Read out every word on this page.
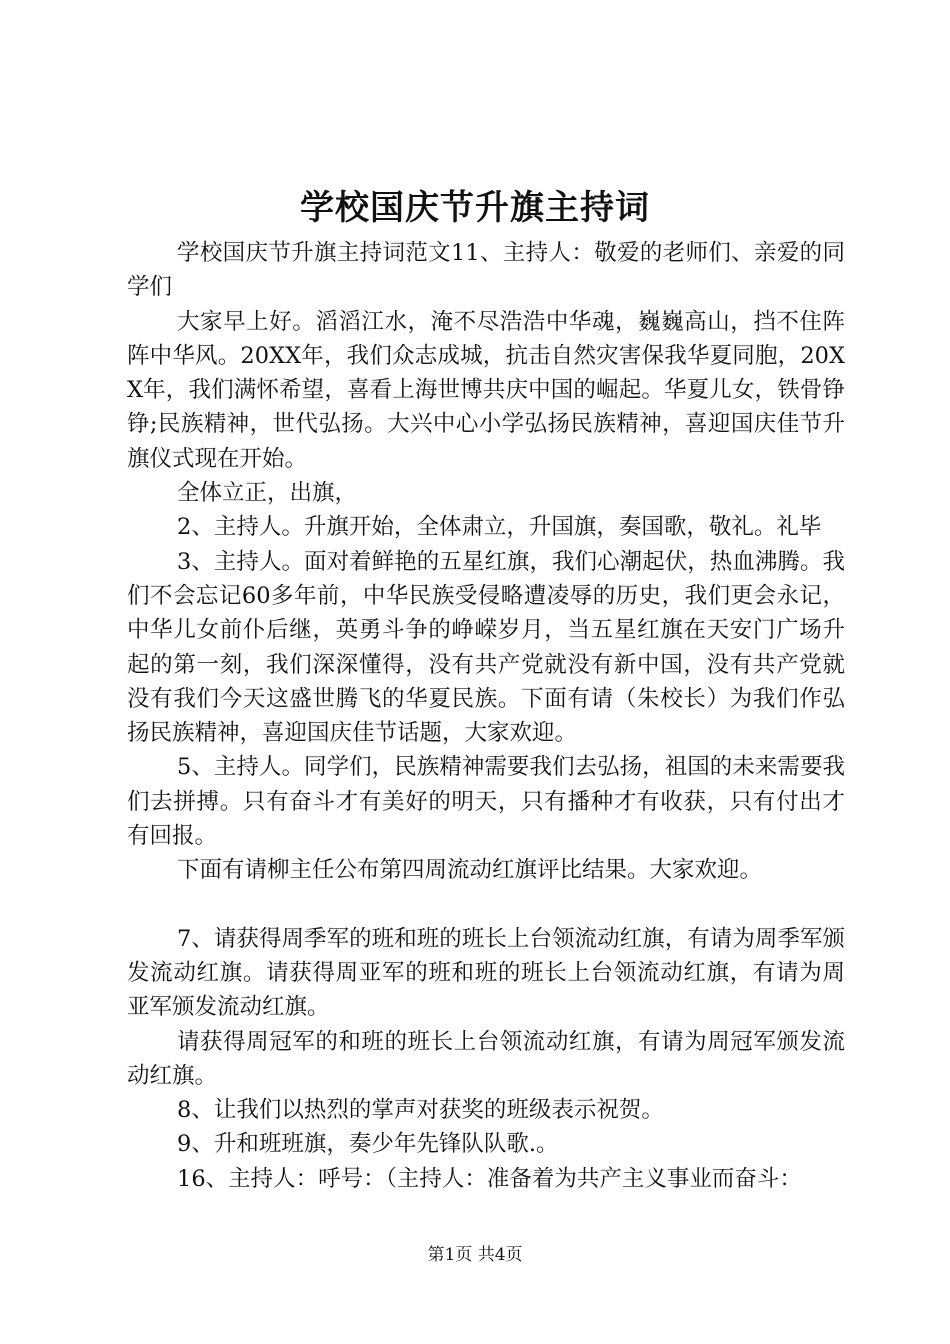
学校国庆节升旗主持词

学校国庆节升旗主持词范文11、主持人：敬爱的老师们、亲爱的同学们

大家早上好。滔滔江水，淹不尽浩浩中华魂，巍巍高山，挡不住阵阵中华风。20XX年，我们众志成城，抗击自然灾害保我华夏同胞，20XX年，我们满怀希望，喜看上海世博共庆中国的崛起。华夏儿女，铁骨铮铮;民族精神，世代弘扬。大兴中心小学弘扬民族精神，喜迎国庆佳节升旗仪式现在开始。

全体立正，出旗，

2、主持人。升旗开始，全体肃立，升国旗，奏国歌，敬礼。礼毕

3、主持人。面对着鲜艳的五星红旗，我们心潮起伏，热血沸腾。我们不会忘记60多年前，中华民族受侵略遭凌辱的历史，我们更会永记，中华儿女前仆后继，英勇斗争的峥嵘岁月，当五星红旗在天安门广场升起的第一刻，我们深深懂得，没有共产党就没有新中国，没有共产党就没有我们今天这盛世腾飞的华夏民族。下面有请（朱校长）为我们作弘扬民族精神，喜迎国庆佳节话题，大家欢迎。

5、主持人。同学们，民族精神需要我们去弘扬，祖国的未来需要我们去拼搏。只有奋斗才有美好的明天，只有播种才有收获，只有付出才有回报。

下面有请柳主任公布第四周流动红旗评比结果。大家欢迎。

7、请获得周季军的班和班的班长上台领流动红旗，有请为周季军颁发流动红旗。请获得周亚军的班和班的班长上台领流动红旗，有请为周亚军颁发流动红旗。

请获得周冠军的和班的班长上台领流动红旗，有请为周冠军颁发流动红旗。

8、让我们以热烈的掌声对获奖的班级表示祝贺。

9、升和班班旗，奏少年先锋队队歌.。

16、主持人：呼号：（主持人：准备着为共产主义事业而奋斗：

第1页 共4页
